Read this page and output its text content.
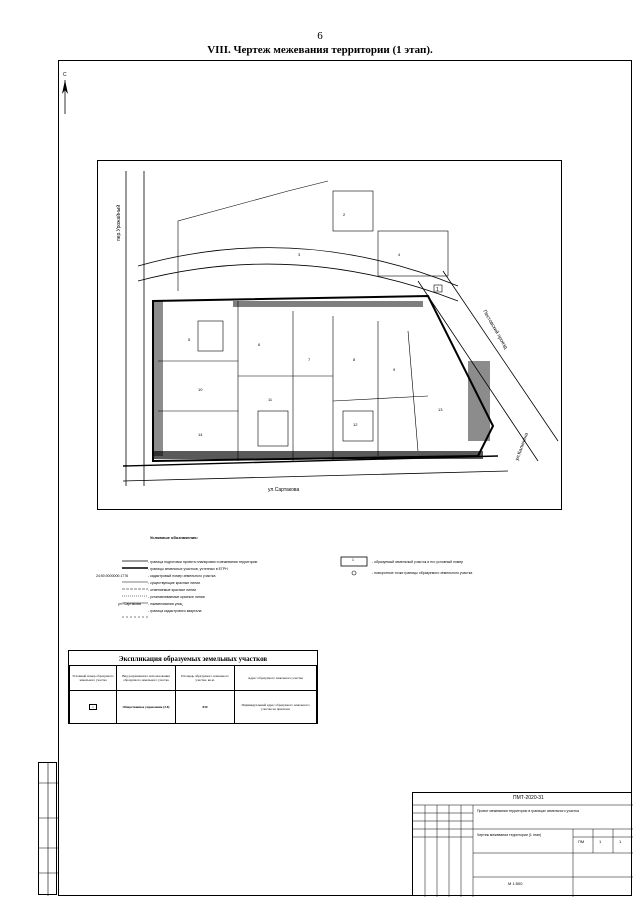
6
VIII. Чертеж межевания территории (1 этап).
С
1
ул.Сартакова
пер.Урожайный
Пестовский проезд
ул.Калинина
2
3	4
5
6
7	8
9
10
11
12
13
14
Условные обозначения:
24:50:0000000:1776
ул. Сартакова
- граница подготовки проекта планировки и межевания территории
- границы земельных участков, учтенных в ЕГРН
- кадастровый номер земельного участка
- существующие красные линии
- отменяемые красные линии
- устанавливаемые красные линии
- наименования улиц
- граница кадастрового квартала
1	- образуемый земельный участок и его условный номер
- поворотные точки границы образуемого земельного участка
Экспликация образуемых земельных участков
Условный номер образуемого земельного участка	Вид разрешенного использования образуемого земельного участка	Площадь образуемого земельного участка, кв.м.	Адрес образуемого земельного участка
1	Общественное управление (3.8)	830	Индивидуальный адрес образуемого земельного участка не присвоен
ПМТ-2020-31
Проект межевания территории в границах земельного участка
Чертеж межевания территории (1 этап)
ПМ	1	1
М 1:500
